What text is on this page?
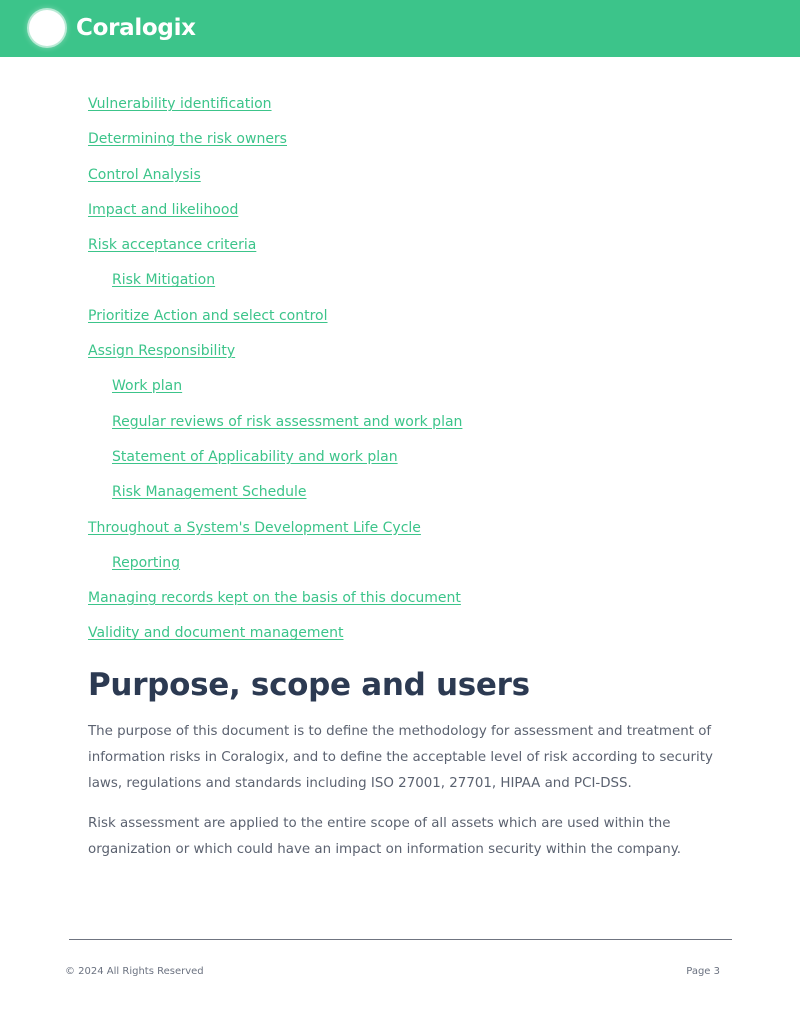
Coralogix
Vulnerability identification
Determining the risk owners
Control Analysis
Impact and likelihood
Risk acceptance criteria
Risk Mitigation
Prioritize Action and select control
Assign Responsibility
Work plan
Regular reviews of risk assessment and work plan
Statement of Applicability and work plan
Risk Management Schedule
Throughout a System's Development Life Cycle
Reporting
Managing records kept on the basis of this document
Validity and document management
Purpose, scope and users

The purpose of this document is to define the methodology for assessment and treatment of information risks in Coralogix, and to define the acceptable level of risk according to security laws, regulations and standards including ISO 27001, 27701, HIPAA and PCI-DSS.

Risk assessment are applied to the entire scope of all assets which are used within the organization or which could have an impact on information security within the company.

© 2024 All Rights Reserved	Page 3
